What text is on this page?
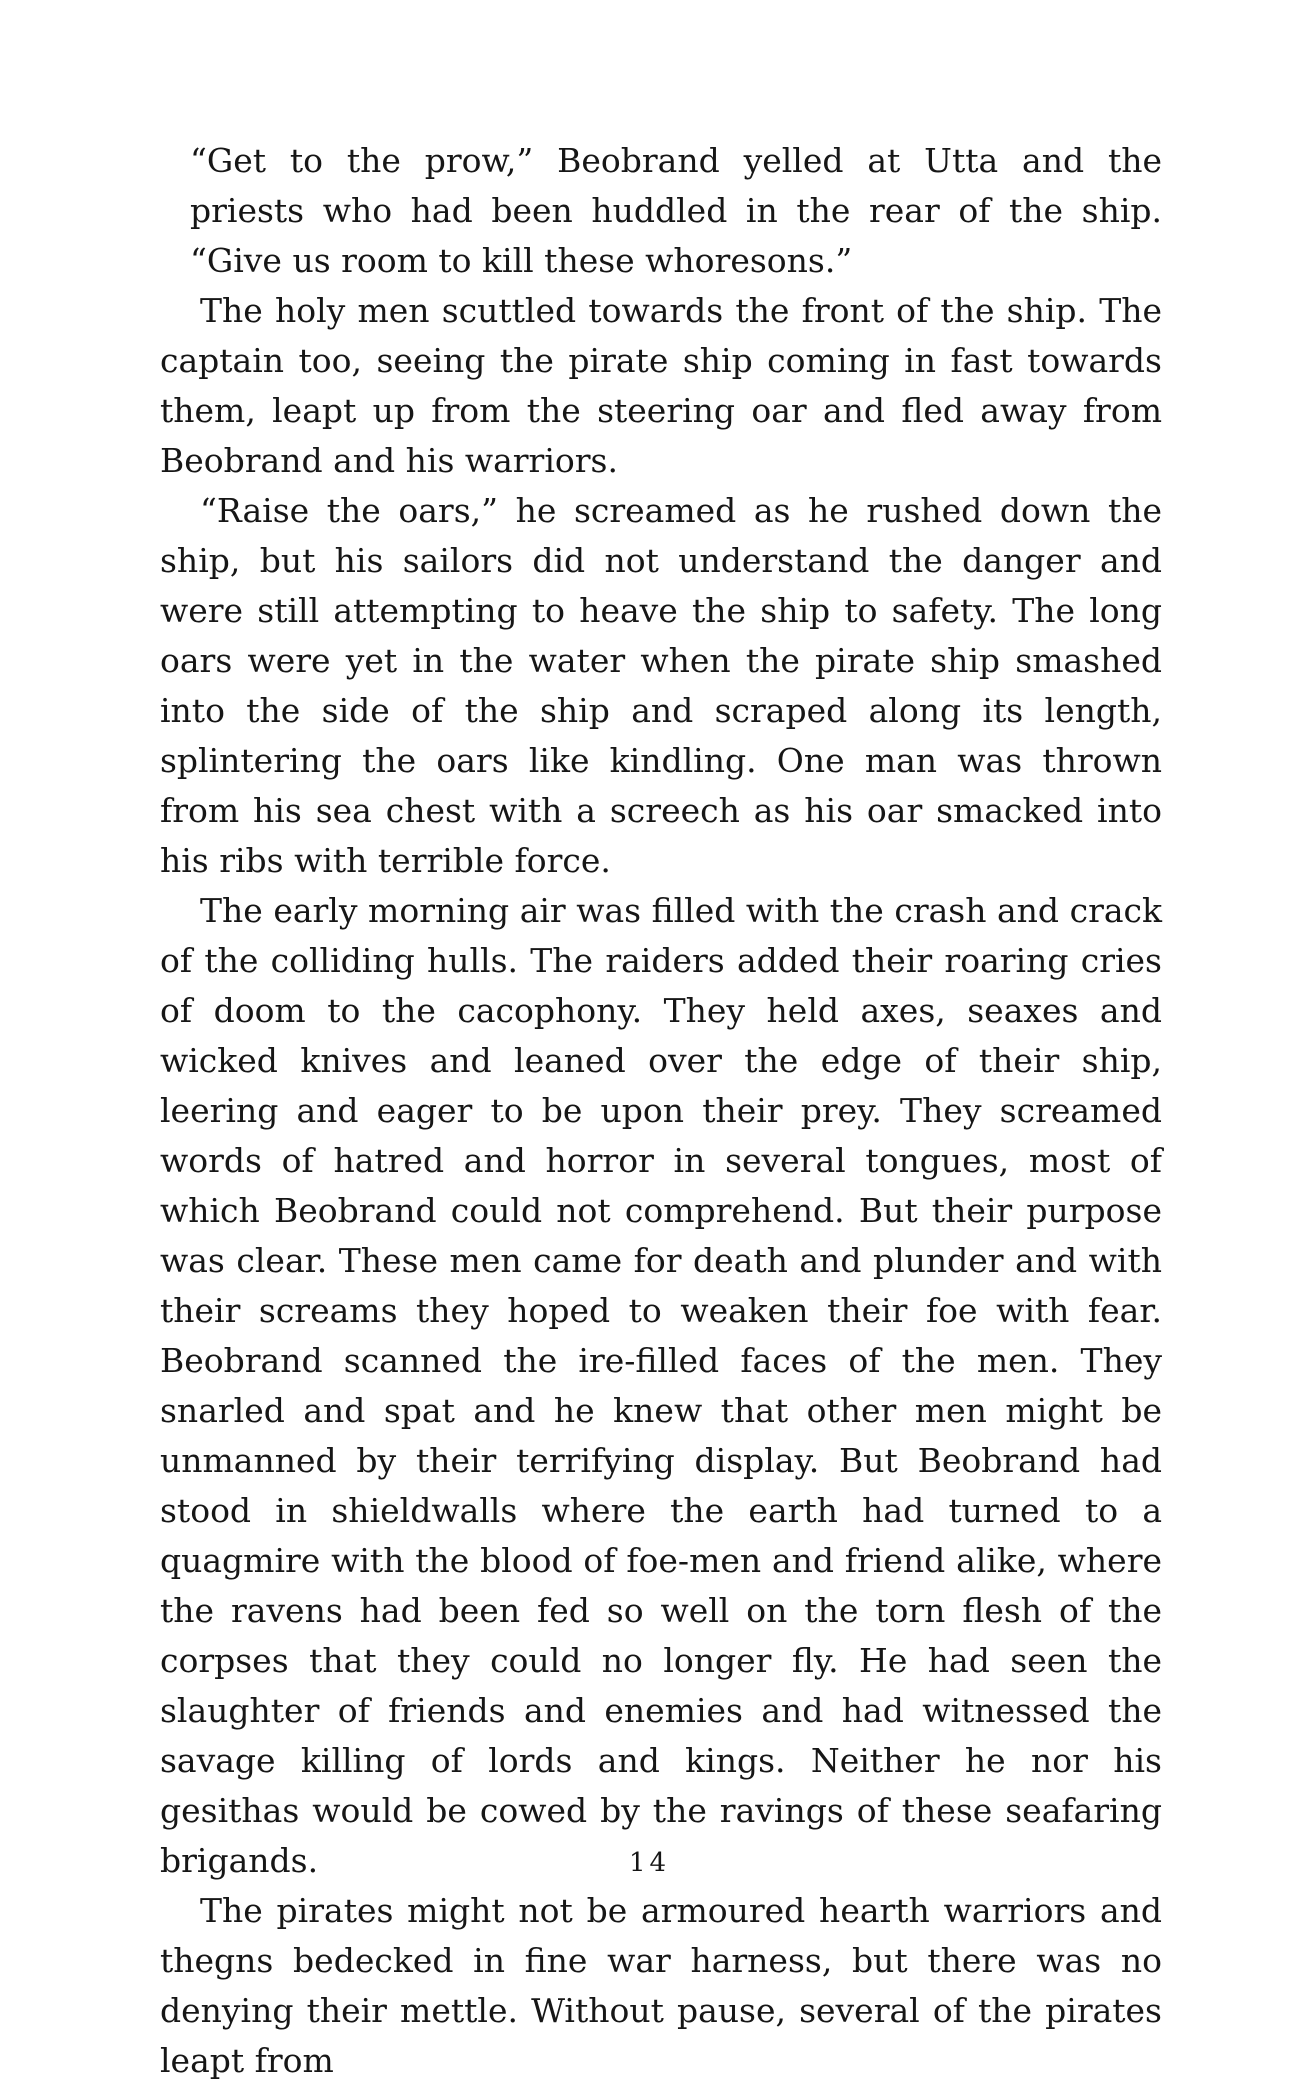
“Get to the prow,” Beobrand yelled at Utta and the priests who had been huddled in the rear of the ship. “Give us room to kill these whoresons.”

The holy men scuttled towards the front of the ship. The captain too, seeing the pirate ship coming in fast towards them, leapt up from the steering oar and fled away from Beobrand and his warriors.

“Raise the oars,” he screamed as he rushed down the ship, but his sailors did not understand the danger and were still attempting to heave the ship to safety. The long oars were yet in the water when the pirate ship smashed into the side of the ship and scraped along its length, splintering the oars like kindling. One man was thrown from his sea chest with a screech as his oar smacked into his ribs with terrible force.

The early morning air was filled with the crash and crack of the colliding hulls. The raiders added their roaring cries of doom to the cacophony. They held axes, seaxes and wicked knives and leaned over the edge of their ship, leering and eager to be upon their prey. They screamed words of hatred and horror in several tongues, most of which Beobrand could not comprehend. But their purpose was clear. These men came for death and plunder and with their screams they hoped to weaken their foe with fear. Beobrand scanned the ire-filled faces of the men. They snarled and spat and he knew that other men might be unmanned by their terrifying display. But Beobrand had stood in shieldwalls where the earth had turned to a quagmire with the blood of foe-men and friend alike, where the ravens had been fed so well on the torn flesh of the corpses that they could no longer fly. He had seen the slaughter of friends and enemies and had witnessed the savage killing of lords and kings. Neither he nor his gesithas would be cowed by the ravings of these seafaring brigands.

The pirates might not be armoured hearth warriors and thegns bedecked in fine war harness, but there was no denying their mettle. Without pause, several of the pirates leapt from

14
